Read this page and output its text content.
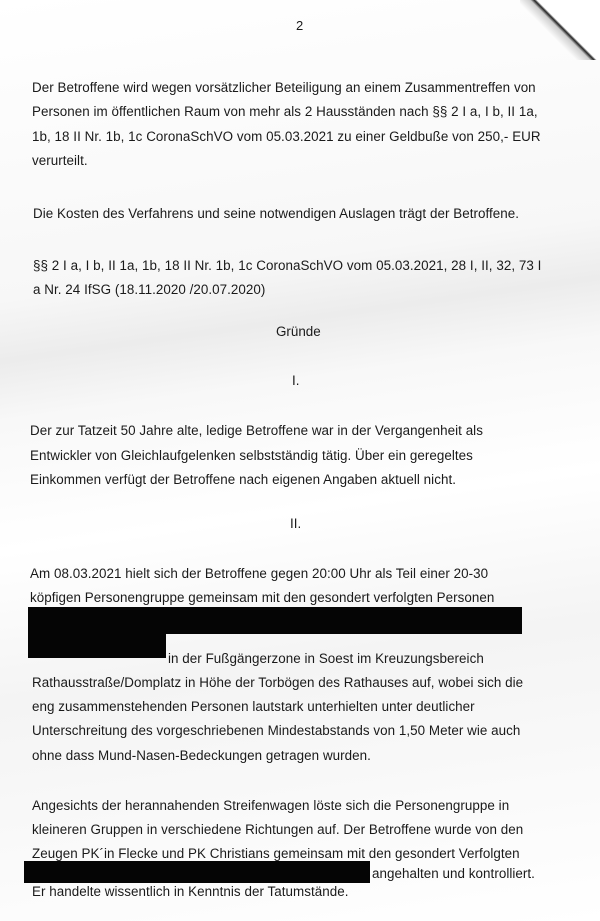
2
Der Betroffene wird wegen vorsätzlicher Beteiligung an einem Zusammentreffen von
Personen im öffentlichen Raum von mehr als 2 Hausständen nach §§ 2 I a, I b, II 1a,
1b, 18 II Nr. 1b, 1c CoronaSchVO vom 05.03.2021 zu einer Geldbuße von 250,- EUR
verurteilt.
Die Kosten des Verfahrens und seine notwendigen Auslagen trägt der Betroffene.
§§ 2 I a, I b, II 1a, 1b, 18 II Nr. 1b, 1c CoronaSchVO vom 05.03.2021, 28 I, II, 32, 73 I
a Nr. 24 IfSG (18.11.2020 /20.07.2020)
Gründe
I.
Der zur Tatzeit 50 Jahre alte, ledige Betroffene war in der Vergangenheit als
Entwickler von Gleichlaufgelenken selbstständig tätig. Über ein geregeltes
Einkommen verfügt der Betroffene nach eigenen Angaben aktuell nicht.
II.
Am 08.03.2021 hielt sich der Betroffene gegen 20:00 Uhr als Teil einer 20-30
köpfigen Personengruppe gemeinsam mit den gesondert verfolgten Personen
in der Fußgängerzone in Soest im Kreuzungsbereich
Rathausstraße/Domplatz in Höhe der Torbögen des Rathauses auf, wobei sich die
eng zusammenstehenden Personen lautstark unterhielten unter deutlicher
Unterschreitung des vorgeschriebenen Mindestabstands von 1,50 Meter wie auch
ohne dass Mund-Nasen-Bedeckungen getragen wurden.
Angesichts der herannahenden Streifenwagen löste sich die Personengruppe in
kleineren Gruppen in verschiedene Richtungen auf. Der Betroffene wurde von den
Zeugen PK´in Flecke und PK Christians gemeinsam mit den gesondert Verfolgten
angehalten und kontrolliert.
Er handelte wissentlich in Kenntnis der Tatumstände.
